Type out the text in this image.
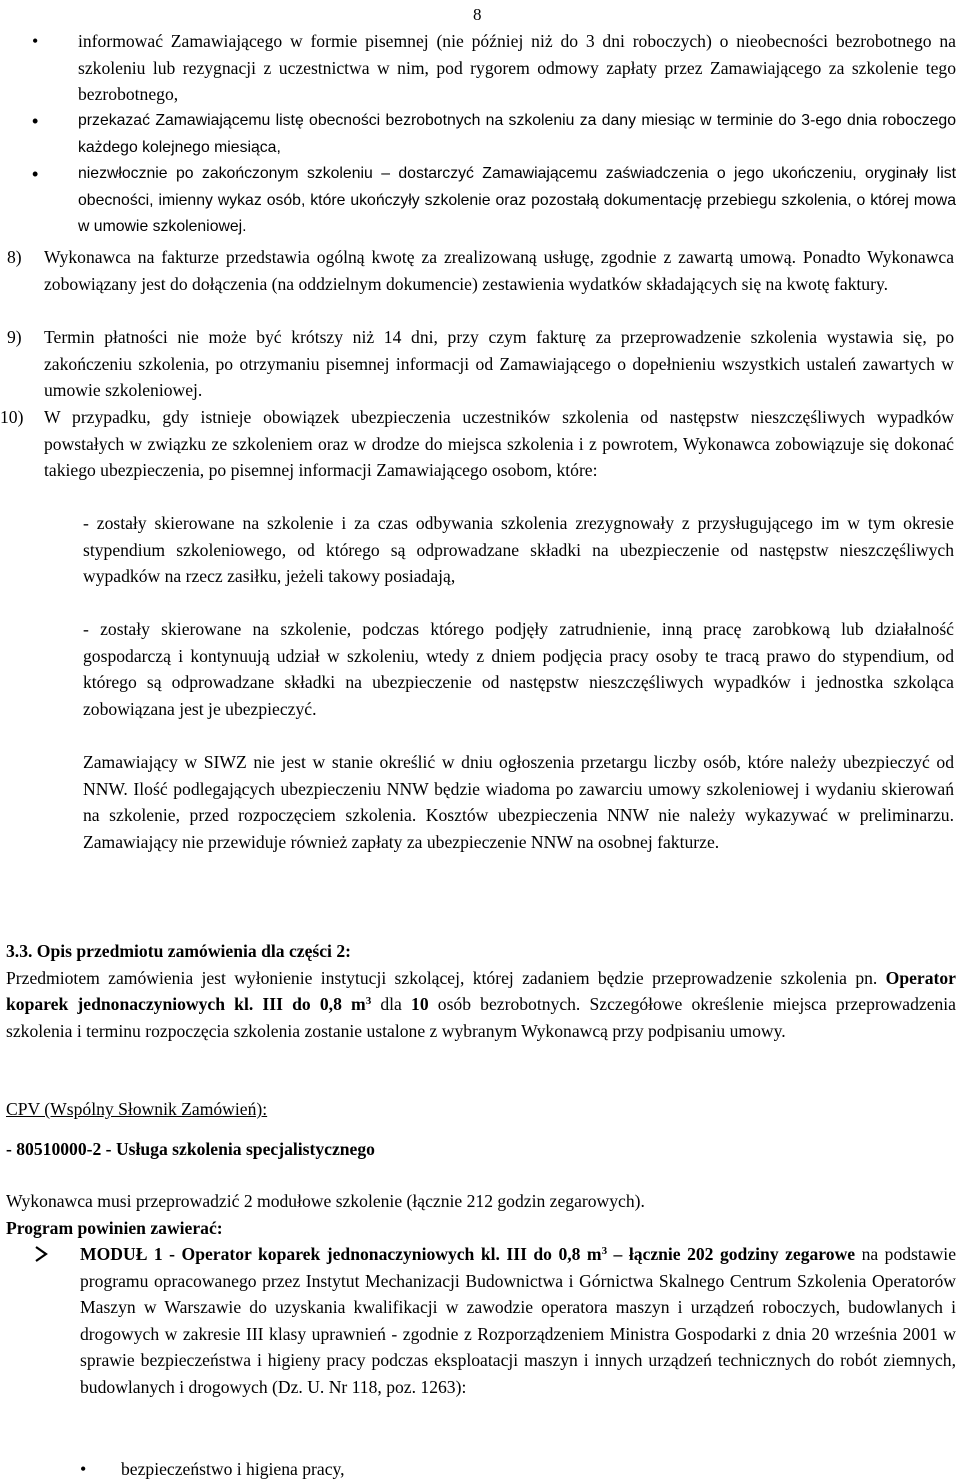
8

• informować Zamawiającego w formie pisemnej (nie później niż do 3 dni roboczych) o nieobecności bezrobotnego na szkoleniu lub rezygnacji z uczestnictwa w nim, pod rygorem odmowy zapłaty przez Zamawiającego za szkolenie tego bezrobotnego,

• przekazać Zamawiającemu listę obecności bezrobotnych na szkoleniu za dany miesiąc w terminie do 3-ego dnia roboczego każdego kolejnego miesiąca,

• niezwłocznie po zakończonym szkoleniu – dostarczyć Zamawiającemu zaświadczenia o jego ukończeniu, oryginały list obecności, imienny wykaz osób, które ukończyły szkolenie oraz pozostałą dokumentację przebiegu szkolenia, o której mowa w umowie szkoleniowej.

8) Wykonawca na fakturze przedstawia ogólną kwotę za zrealizowaną usługę, zgodnie z zawartą umową. Ponadto Wykonawca zobowiązany jest do dołączenia (na oddzielnym dokumencie) zestawienia wydatków składających się na kwotę faktury.

9) Termin płatności nie może być krótszy niż 14 dni, przy czym fakturę za przeprowadzenie szkolenia wystawia się, po zakończeniu szkolenia, po otrzymaniu pisemnej informacji od Zamawiającego o dopełnieniu wszystkich ustaleń zawartych w umowie szkoleniowej.

10) W przypadku, gdy istnieje obowiązek ubezpieczenia uczestników szkolenia od następstw nieszczęśliwych wypadków powstałych w związku ze szkoleniem oraz w drodze do miejsca szkolenia i z powrotem, Wykonawca zobowiązuje się dokonać takiego ubezpieczenia, po pisemnej informacji Zamawiającego osobom, które:

- zostały skierowane na szkolenie i za czas odbywania szkolenia zrezygnowały z przysługującego im w tym okresie stypendium szkoleniowego, od którego są odprowadzane składki na ubezpieczenie od następstw nieszczęśliwych wypadków na rzecz zasiłku, jeżeli takowy posiadają,

- zostały skierowane na szkolenie, podczas którego podjęły zatrudnienie, inną pracę zarobkową lub działalność gospodarczą i kontynuują udział w szkoleniu, wtedy z dniem podjęcia pracy osoby te tracą prawo do stypendium, od którego są odprowadzane składki na ubezpieczenie od następstw nieszczęśliwych wypadków i jednostka szkoląca zobowiązana jest je ubezpieczyć.

Zamawiający w SIWZ nie jest w stanie określić w dniu ogłoszenia przetargu liczby osób, które należy ubezpieczyć od NNW. Ilość podlegających ubezpieczeniu NNW będzie wiadoma po zawarciu umowy szkoleniowej i wydaniu skierowań na szkolenie, przed rozpoczęciem szkolenia. Kosztów ubezpieczenia NNW nie należy wykazywać w preliminarzu. Zamawiający nie przewiduje również zapłaty za ubezpieczenie NNW na osobnej fakturze.

3.3. Opis przedmiotu zamówienia dla części 2:

Przedmiotem zamówienia jest wyłonienie instytucji szkolącej, której zadaniem będzie przeprowadzenie szkolenia pn. Operator koparek jednonaczyniowych kl. III do 0,8 $m^3$ dla 10 osób bezrobotnych. Szczegółowe określenie miejsca przeprowadzenia szkolenia i terminu rozpoczęcia szkolenia zostanie ustalone z wybranym Wykonawcą przy podpisaniu umowy.

CPV (Wspólny Słownik Zamówień):

- 80510000-2 - Usługa szkolenia specjalistycznego

Wykonawca musi przeprowadzić 2 modułowe szkolenie (łącznie 212 godzin zegarowych).

Program powinien zawierać:

MODUŁ 1 - Operator koparek jednonaczyniowych kl. III do 0,8 $m^3$ – łącznie 202 godziny zegarowe na podstawie programu opracowanego przez Instytut Mechanizacji Budownictwa i Górnictwa Skalnego Centrum Szkolenia Operatorów Maszyn w Warszawie do uzyskania kwalifikacji w zawodzie operatora maszyn i urządzeń roboczych, budowlanych i drogowych w zakresie III klasy uprawnień - zgodnie z Rozporządzeniem Ministra Gospodarki z dnia 20 września 2001 w sprawie bezpieczeństwa i higieny pracy podczas eksploatacji maszyn i innych urządzeń technicznych do robót ziemnych, budowlanych i drogowych (Dz. U. Nr 118, poz. 1263):

• bezpieczeństwo i higiena pracy,
